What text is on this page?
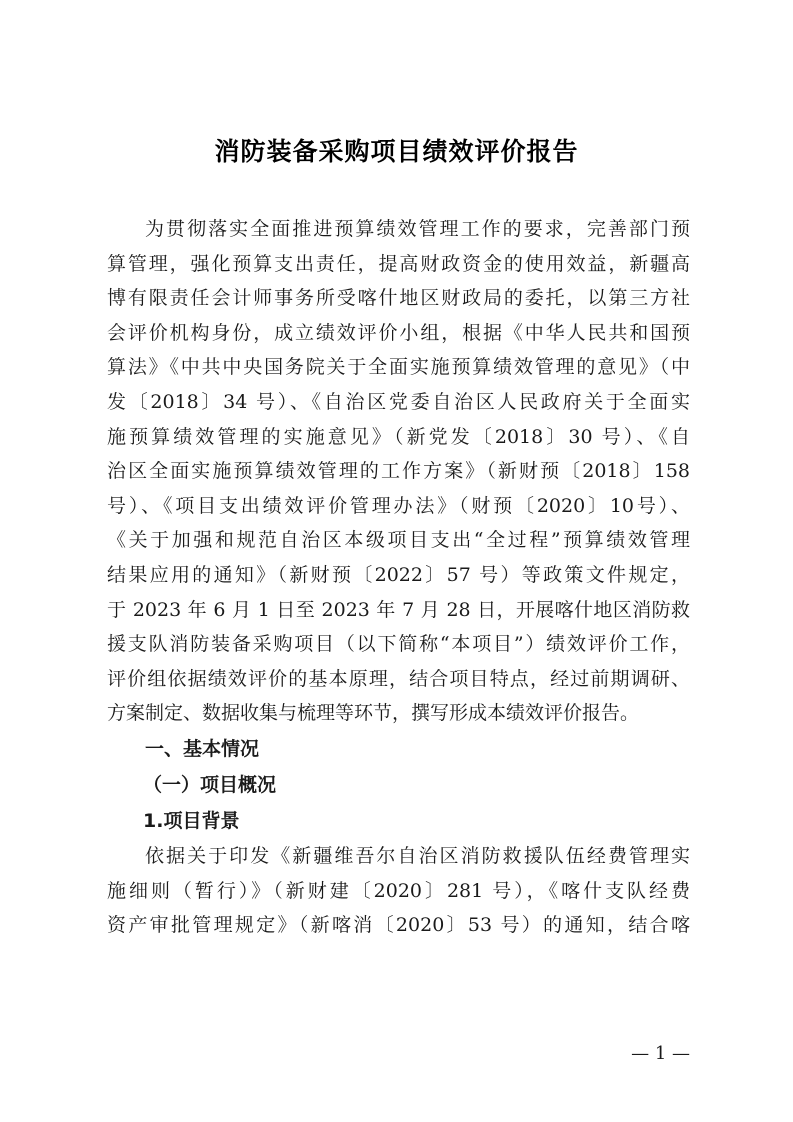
消防装备采购项目绩效评价报告
为贯彻落实全面推进预算绩效管理工作的要求，完善部门预
算管理，强化预算支出责任，提高财政资金的使用效益，新疆高
博有限责任会计师事务所受喀什地区财政局的委托，以第三方社
会评价机构身份，成立绩效评价小组，根据《中华人民共和国预
算法》《中共中央国务院关于全面实施预算绩效管理的意见》（中
发〔2018〕34 号）、《自治区党委自治区人民政府关于全面实
施预算绩效管理的实施意见》（新党发〔2018〕30 号）、《自
治区全面实施预算绩效管理的工作方案》（新财预〔2018〕158
号）、《项目支出绩效评价管理办法》（财预〔2020〕10号）、
《关于加强和规范自治区本级项目支出“全过程”预算绩效管理
结果应用的通知》（新财预〔2022〕57 号）等政策文件规定，
于 2023 年 6 月 1 日至 2023 年 7 月 28 日，开展喀什地区消防救
援支队消防装备采购项目（以下简称“本项目”）绩效评价工作，
评价组依据绩效评价的基本原理，结合项目特点，经过前期调研、
方案制定、数据收集与梳理等环节，撰写形成本绩效评价报告。
一、基本情况
（一）项目概况
1.项目背景
依据关于印发《新疆维吾尔自治区消防救援队伍经费管理实
施细则（暂行）》（新财建〔2020〕281 号），《喀什支队经费
资产审批管理规定》（新喀消〔2020〕53 号）的通知，结合喀
— 1 —
